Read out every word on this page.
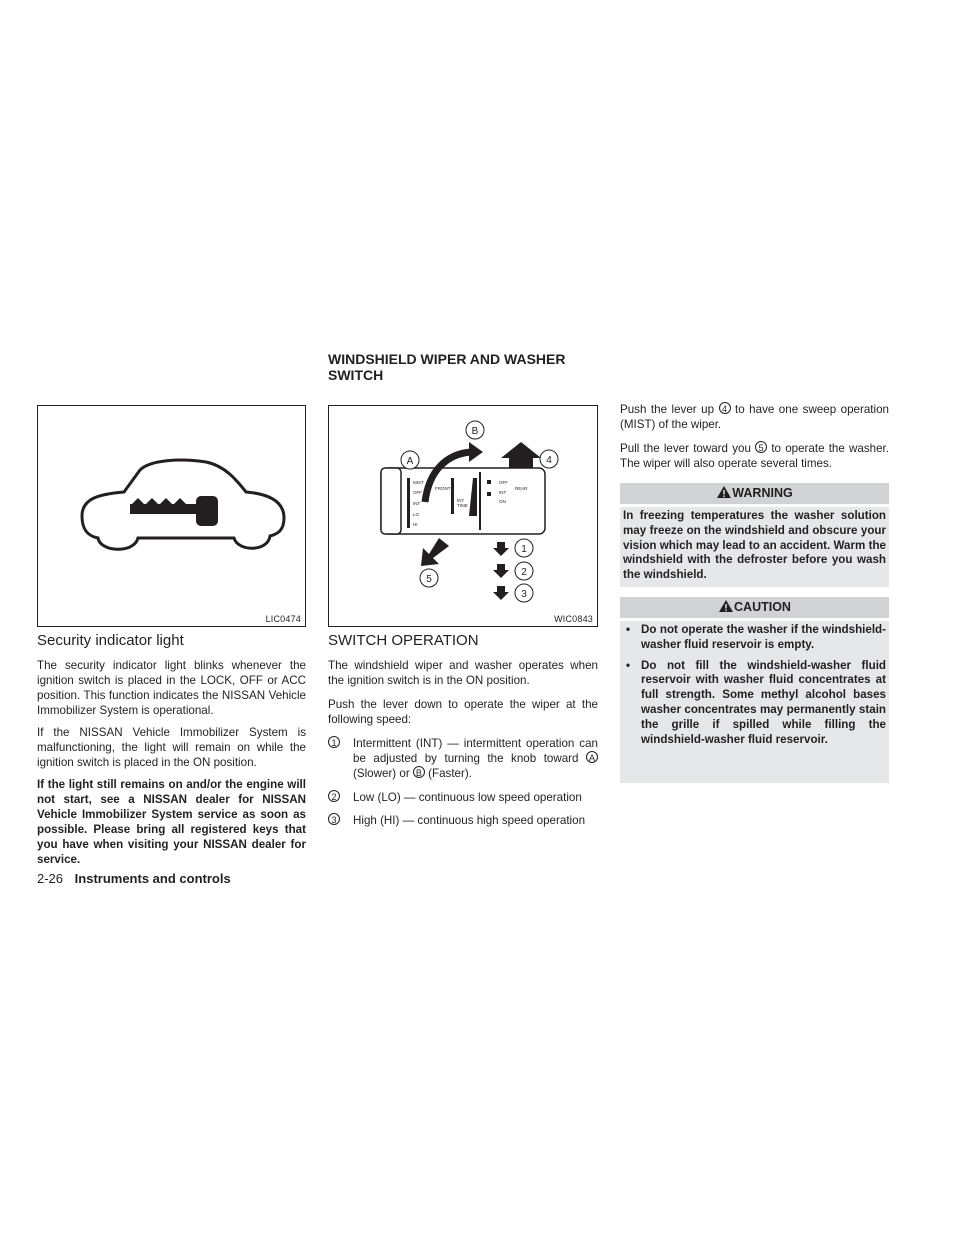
LIC0474
Security indicator light

The security indicator light blinks whenever the ignition switch is placed in the LOCK, OFF or ACC position. This function indicates the NISSAN Vehicle Immobilizer System is operational.

If the NISSAN Vehicle Immobilizer System is malfunctioning, the light will remain on while the ignition switch is placed in the ON position.

If the light still remains on and/or the engine will not start, see a NISSAN dealer for NISSAN Vehicle Immobilizer System service as soon as possible. Please bring all registered keys that you have when visiting your NISSAN dealer for service.

2-26 Instruments and controls
WINDSHIELD WIPER AND WASHER SWITCH
MIST
OFF
INT
LO
HI
FRONT
INT
TIME
OFF
INT
ON
REAR
A
B
4
5
1
2
3
WIC0843
SWITCH OPERATION

The windshield wiper and washer operates when the ignition switch is in the ON position.

Push the lever down to operate the wiper at the following speed:

1	Intermittent (INT) — intermittent operation can be adjusted by turning the knob toward A (Slower) or B (Faster).
2	Low (LO) — continuous low speed operation
3	High (HI) — continuous high speed operation

Push the lever up 4 to have one sweep operation (MIST) of the wiper.

Pull the lever toward you 5 to operate the washer. The wiper will also operate several times.

WARNING

In freezing temperatures the washer solution may freeze on the windshield and obscure your vision which may lead to an accident. Warm the windshield with the defroster before you wash the windshield.

CAUTION

• Do not operate the washer if the windshield-washer fluid reservoir is empty.

• Do not fill the windshield-washer fluid reservoir with washer fluid concentrates at full strength. Some methyl alcohol bases washer concentrates may permanently stain the grille if spilled while filling the windshield-washer fluid reservoir.
